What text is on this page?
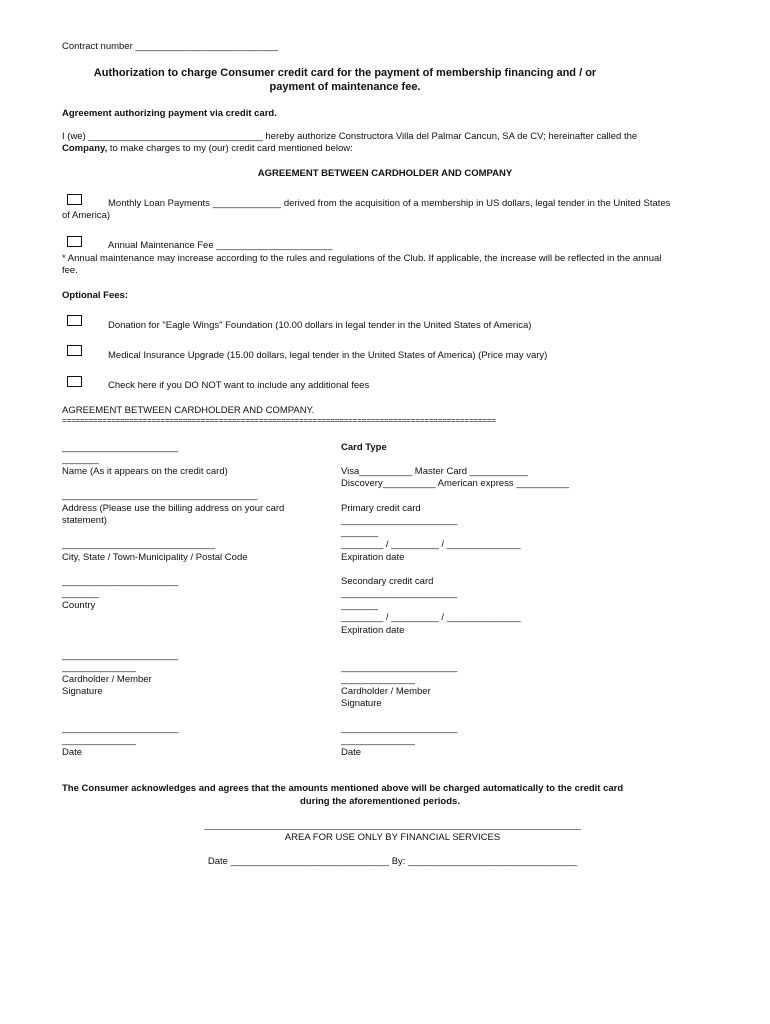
Contract number ___________________________
Authorization to charge Consumer credit card for the payment of membership financing and / or
payment of maintenance fee.
Agreement authorizing payment via credit card.
I (we) _________________________________ hereby authorize Constructora Villa del Palmar Cancun, SA de CV; hereinafter called the
Company, to make charges to my (our) credit card mentioned below:
AGREEMENT BETWEEN CARDHOLDER AND COMPANY
Monthly Loan Payments _____________ derived from the acquisition of a membership in US dollars, legal tender in the United States
of America)
Annual Maintenance Fee ______________________
* Annual maintenance may increase according to the rules and regulations of the Club. If applicable, the increase will be reflected in the annual
fee.
Optional Fees:
Donation for "Eagle Wings" Foundation (10.00 dollars in legal tender in the United States of America)
Medical Insurance Upgrade (15.00 dollars, legal tender in the United States of America) (Price may vary)
Check here if you DO NOT want to include any additional fees
AGREEMENT BETWEEN CARDHOLDER AND COMPANY.
=================================================================================================
______________________
_______
Name (As it appears on the credit card)
_____________________________________
Address (Please use the billing address on your card
statement)
_____________________________
City, State / Town-Municipality / Postal Code
______________________
_______
Country
______________________
______________
Cardholder / Member
Signature
______________________
______________
Date
Card Type
Visa__________ Master Card ___________
Discovery__________ American express __________
Primary credit card
______________________
_______
________ / _________ / ______________
Expiration date
Secondary credit card
______________________
_______
________ / _________ / ______________
Expiration date
______________________
______________
Cardholder / Member
Signature
______________________
______________
Date
The Consumer acknowledges and agrees that the amounts mentioned above will be charged automatically to the credit card
during the aforementioned periods.
_____________________________________________________________________________________
AREA FOR USE ONLY BY FINANCIAL SERVICES
Date ______________________________ By: ________________________________
